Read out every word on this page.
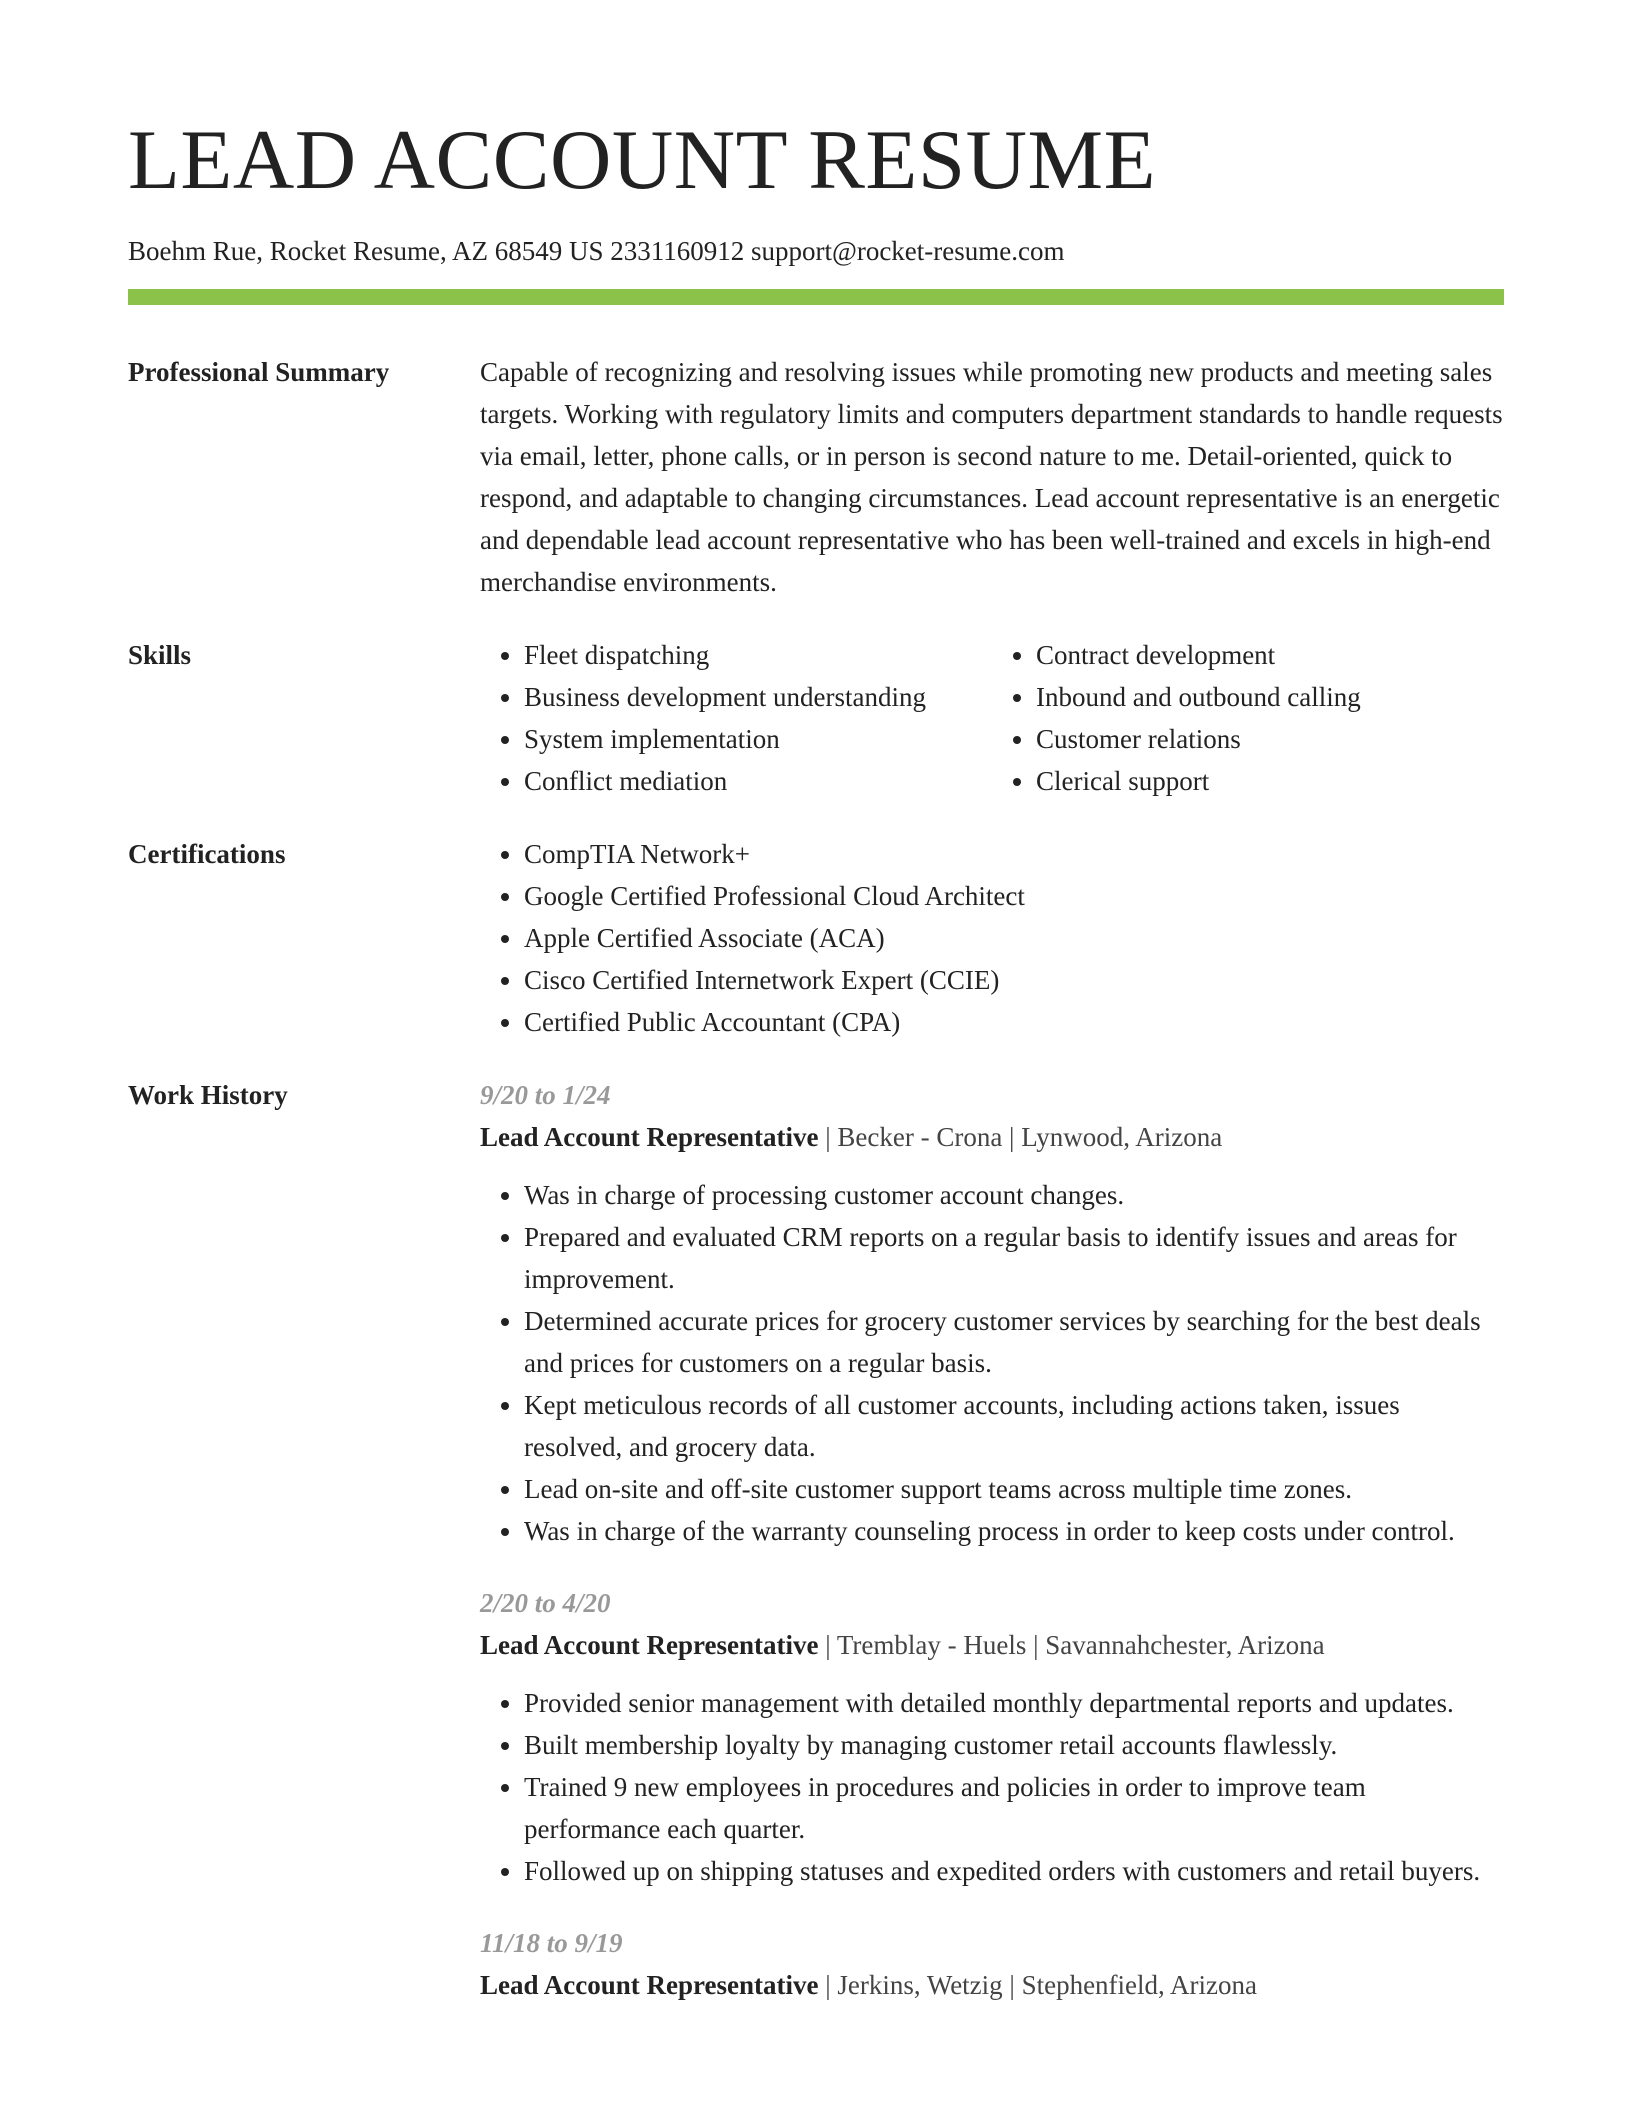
LEAD ACCOUNT RESUME
Boehm Rue, Rocket Resume, AZ 68549 US 2331160912 support@rocket-resume.com
Professional Summary	Capable of recognizing and resolving issues while promoting new products and meeting sales targets. Working with regulatory limits and computers department standards to handle requests via email, letter, phone calls, or in person is second nature to me. Detail-oriented, quick to respond, and adaptable to changing circumstances. Lead account representative is an energetic and dependable lead account representative who has been well-trained and excels in high-end merchandise environments.

Skills	• Fleet dispatching
• Business development understanding
• System implementation
• Conflict mediation
• Contract development
• Inbound and outbound calling
• Customer relations
• Clerical support
Certifications	• CompTIA Network+
• Google Certified Professional Cloud Architect
• Apple Certified Associate (ACA)
• Cisco Certified Internetwork Expert (CCIE)
• Certified Public Accountant (CPA)
Work History	9/20 to 1/24
Lead Account Representative | Becker - Crona | Lynwood, Arizona
• Was in charge of processing customer account changes.
• Prepared and evaluated CRM reports on a regular basis to identify issues and areas for improvement.
• Determined accurate prices for grocery customer services by searching for the best deals and prices for customers on a regular basis.
• Kept meticulous records of all customer accounts, including actions taken, issues resolved, and grocery data.
• Lead on-site and off-site customer support teams across multiple time zones.
• Was in charge of the warranty counseling process in order to keep costs under control.
2/20 to 4/20
Lead Account Representative | Tremblay - Huels | Savannahchester, Arizona
• Provided senior management with detailed monthly departmental reports and updates.
• Built membership loyalty by managing customer retail accounts flawlessly.
• Trained 9 new employees in procedures and policies in order to improve team performance each quarter.
• Followed up on shipping statuses and expedited orders with customers and retail buyers.
11/18 to 9/19
Lead Account Representative | Jerkins, Wetzig | Stephenfield, Arizona
